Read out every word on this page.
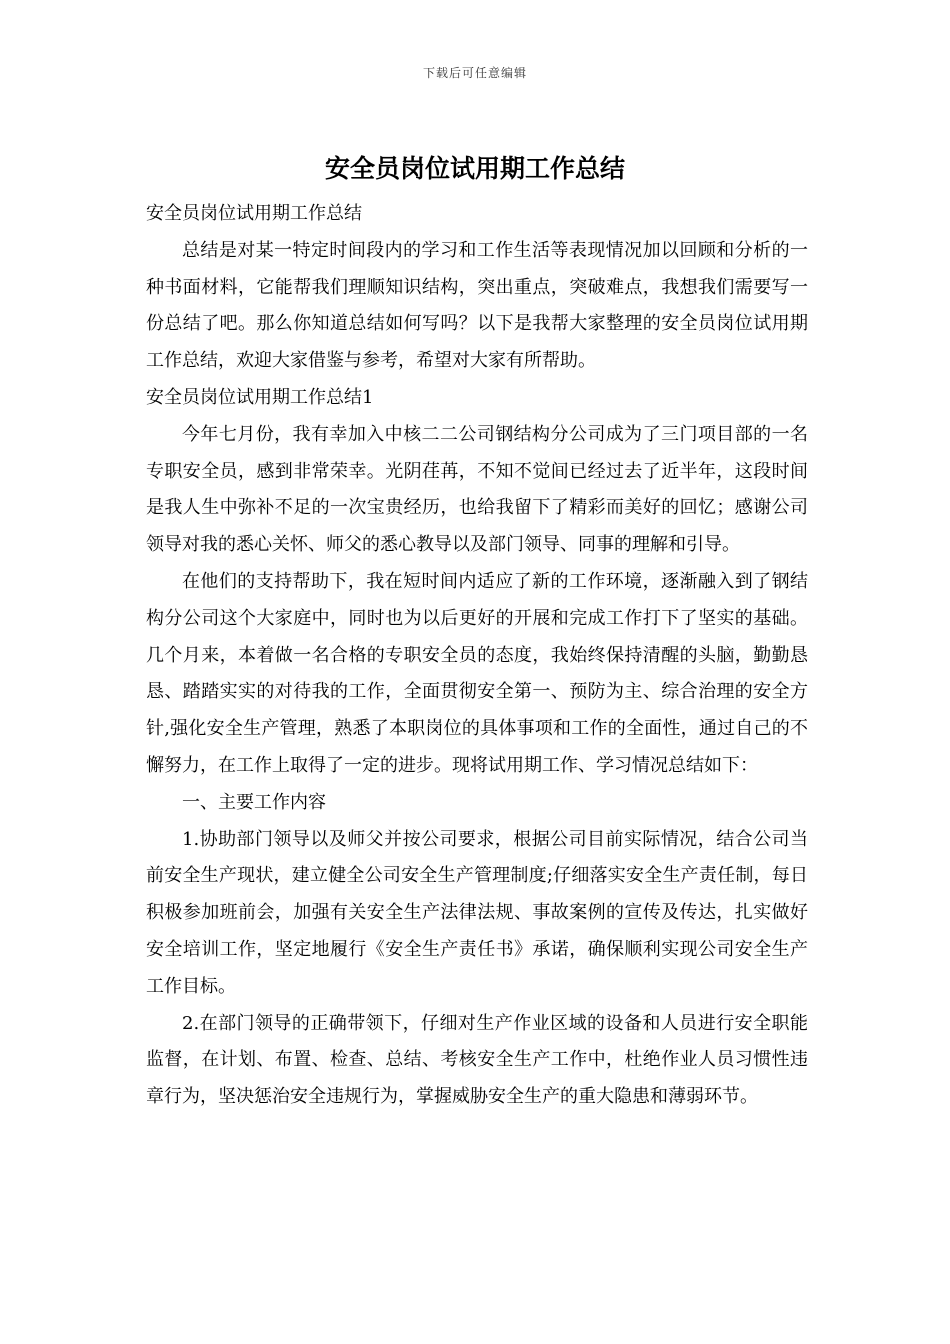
下载后可任意编辑
安全员岗位试用期工作总结

安全员岗位试用期工作总结

总结是对某一特定时间段内的学习和工作生活等表现情况加以回顾和分析的一种书面材料，它能帮我们理顺知识结构，突出重点，突破难点，我想我们需要写一份总结了吧。那么你知道总结如何写吗？以下是我帮大家整理的安全员岗位试用期工作总结，欢迎大家借鉴与参考，希望对大家有所帮助。

安全员岗位试用期工作总结1

今年七月份，我有幸加入中核二二公司钢结构分公司成为了三门项目部的一名专职安全员，感到非常荣幸。光阴荏苒，不知不觉间已经过去了近半年，这段时间是我人生中弥补不足的一次宝贵经历，也给我留下了精彩而美好的回忆；感谢公司领导对我的悉心关怀、师父的悉心教导以及部门领导、同事的理解和引导。

在他们的支持帮助下，我在短时间内适应了新的工作环境，逐渐融入到了钢结构分公司这个大家庭中，同时也为以后更好的开展和完成工作打下了坚实的基础。几个月来，本着做一名合格的专职安全员的态度，我始终保持清醒的头脑，勤勤恳恳、踏踏实实的对待我的工作，全面贯彻安全第一、预防为主、综合治理的安全方针,强化安全生产管理，熟悉了本职岗位的具体事项和工作的全面性，通过自己的不懈努力，在工作上取得了一定的进步。现将试用期工作、学习情况总结如下：

一、主要工作内容

1.协助部门领导以及师父并按公司要求，根据公司目前实际情况，结合公司当前安全生产现状，建立健全公司安全生产管理制度;仔细落实安全生产责任制，每日积极参加班前会，加强有关安全生产法律法规、事故案例的宣传及传达，扎实做好安全培训工作，坚定地履行《安全生产责任书》承诺，确保顺利实现公司安全生产工作目标。

2.在部门领导的正确带领下，仔细对生产作业区域的设备和人员进行安全职能监督，在计划、布置、检查、总结、考核安全生产工作中，杜绝作业人员习惯性违章行为，坚决惩治安全违规行为，掌握威胁安全生产的重大隐患和薄弱环节。
